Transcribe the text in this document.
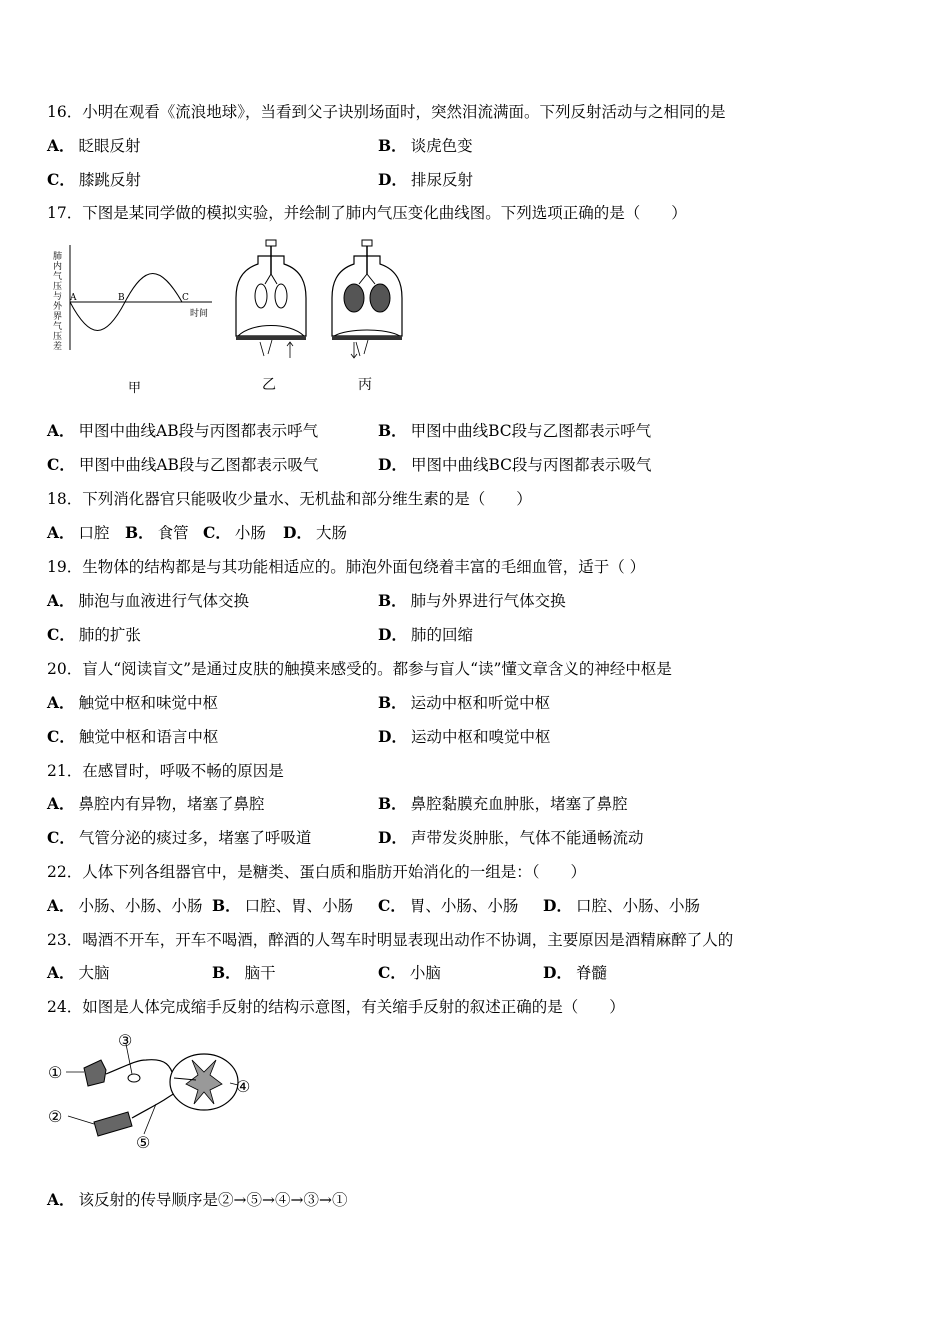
16．小明在观看《流浪地球》，当看到父子诀别场面时，突然泪流满面。下列反射活动与之相同的是
A． 眨眼反射	B． 谈虎色变
C． 膝跳反射	D． 排尿反射
17．下图是某同学做的模拟实验，并绘制了肺内气压变化曲线图。下列选项正确的是（　　）
A	B	C
时间
肺内气压与外界气压差
甲	乙	丙
A． 甲图中曲线AB段与丙图都表示呼气	B． 甲图中曲线BC段与乙图都表示呼气
C． 甲图中曲线AB段与乙图都表示吸气	D． 甲图中曲线BC段与丙图都表示吸气
18．下列消化器官只能吸收少量水、无机盐和部分维生素的是（　　）
A． 口腔 B． 食管 C． 小肠 D． 大肠
19．生物体的结构都是与其功能相适应的。肺泡外面包绕着丰富的毛细血管，适于（ ）
A． 肺泡与血液进行气体交换	B． 肺与外界进行气体交换
C． 肺的扩张	D． 肺的回缩
20．盲人“阅读盲文”是通过皮肤的触摸来感受的。都参与盲人“读”懂文章含义的神经中枢是
A． 触觉中枢和味觉中枢	B． 运动中枢和听觉中枢
C． 触觉中枢和语言中枢	D． 运动中枢和嗅觉中枢
21．在感冒时，呼吸不畅的原因是
A． 鼻腔内有异物，堵塞了鼻腔	B． 鼻腔黏膜充血肿胀，堵塞了鼻腔
C． 气管分泌的痰过多，堵塞了呼吸道	D． 声带发炎肿胀，气体不能通畅流动
22．人体下列各组器官中，是糖类、蛋白质和脂肪开始消化的一组是：（　　）
A． 小肠、小肠、小肠 B． 口腔、胃、小肠 C． 胃、小肠、小肠 D． 口腔、小肠、小肠
23．喝酒不开车，开车不喝酒，醉酒的人驾车时明显表现出动作不协调，主要原因是酒精麻醉了人的
A． 大脑	B． 脑干	C． 小脑	D． 脊髓
24．如图是人体完成缩手反射的结构示意图，有关缩手反射的叙述正确的是（　　）
①
②
③
④
⑤
A． 该反射的传导顺序是②→⑤→④→③→①
